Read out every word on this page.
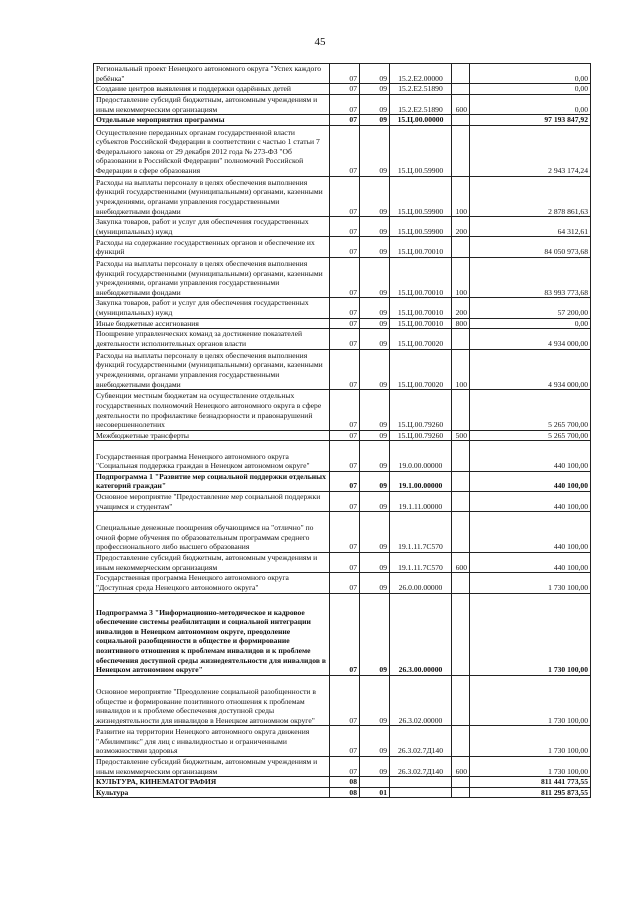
45
Региональный проект Ненецкого автономного округа "Успех каждого ребёнка"	07	09	15.2.Е2.00000		0,00
Создание центров выявления и поддержки одарённых детей	07	09	15.2.Е2.51890		0,00
Предоставление субсидий бюджетным, автономным учреждениям и иным некоммерческим организациям	07	09	15.2.Е2.51890	600	0,00
Отдельные мероприятия программы	07	09	15.Ц.00.00000		97 193 847,92
Осуществление переданных органам государственной власти субъектов Российской Федерации в соответствии с частью 1 статьи 7 Федерального закона от 29 декабря 2012 года № 273-ФЗ "Об образовании в Российской Федерации" полномочий Российской Федерации в сфере образования	07	09	15.Ц.00.59900		2 943 174,24
Расходы на выплаты персоналу в целях обеспечения выполнения функций государственными (муниципальными) органами, казенными учреждениями, органами управления государственными внебюджетными фондами	07	09	15.Ц.00.59900	100	2 878 861,63
Закупка товаров, работ и услуг для обеспечения государственных (муниципальных) нужд	07	09	15.Ц.00.59900	200	64 312,61
Расходы на содержание государственных органов и обеспечение их функций	07	09	15.Ц.00.70010		84 050 973,68
Расходы на выплаты персоналу в целях обеспечения выполнения функций государственными (муниципальными) органами, казенными учреждениями, органами управления государственными внебюджетными фондами	07	09	15.Ц.00.70010	100	83 993 773,68
Закупка товаров, работ и услуг для обеспечения государственных (муниципальных) нужд	07	09	15.Ц.00.70010	200	57 200,00
Иные бюджетные ассигнования	07	09	15.Ц.00.70010	800	0,00
Поощрение управленческих команд за достижение показателей деятельности исполнительных органов власти	07	09	15.Ц.00.70020		4 934 000,00
Расходы на выплаты персоналу в целях обеспечения выполнения функций государственными (муниципальными) органами, казенными учреждениями, органами управления государственными внебюджетными фондами	07	09	15.Ц.00.70020	100	4 934 000,00
Субвенции местным бюджетам на осуществление отдельных государственных полномочий Ненецкого автономного округа в сфере деятельности по профилактике безнадзорности и правонарушений несовершеннолетних	07	09	15.Ц.00.79260		5 265 700,00
Межбюджетные трансферты	07	09	15.Ц.00.79260	500	5 265 700,00
Государственная программа Ненецкого автономного округа "Социальная поддержка граждан в Ненецком автономном округе"	07	09	19.0.00.00000		440 100,00
Подпрограмма 1 "Развитие мер социальной поддержки отдельных категорий граждан"	07	09	19.1.00.00000		440 100,00
Основное мероприятие "Предоставление мер социальной поддержки учащимся и студентам"	07	09	19.1.11.00000		440 100,00
Специальные денежные поощрения обучающимся на "отлично" по очной форме обучения по образовательным программам среднего профессионального либо высшего образования	07	09	19.1.11.7С570		440 100,00
Предоставление субсидий бюджетным, автономным учреждениям и иным некоммерческим организациям	07	09	19.1.11.7С570	600	440 100,00
Государственная программа Ненецкого автономного округа "Доступная среда Ненецкого автономного округа"	07	09	26.0.00.00000		1 730 100,00
Подпрограмма 3 "Информационно-методическое и кадровое обеспечение системы реабилитации и социальной интеграции инвалидов в Ненецком автономном округе, преодоление социальной разобщенности в обществе и формирование позитивного отношения к проблемам инвалидов и к проблеме обеспечения доступной среды жизнедеятельности для инвалидов в Ненецком автономном округе"	07	09	26.3.00.00000		1 730 100,00
Основное мероприятие "Преодоление социальной разобщенности в обществе и формирование позитивного отношения к проблемам инвалидов и к проблеме обеспечения доступной среды жизнедеятельности для инвалидов в Ненецком автономном округе"	07	09	26.3.02.00000		1 730 100,00
Развитие на территории Ненецкого автономного округа движения "Абилимпикс" для лиц с инвалидностью и ограниченными возможностями здоровья	07	09	26.3.02.7Д140		1 730 100,00
Предоставление субсидий бюджетным, автономным учреждениям и иным некоммерческим организациям	07	09	26.3.02.7Д140	600	1 730 100,00
КУЛЬТУРА, КИНЕМАТОГРАФИЯ	08				811 441 773,55
Культура	08	01			811 295 873,55
